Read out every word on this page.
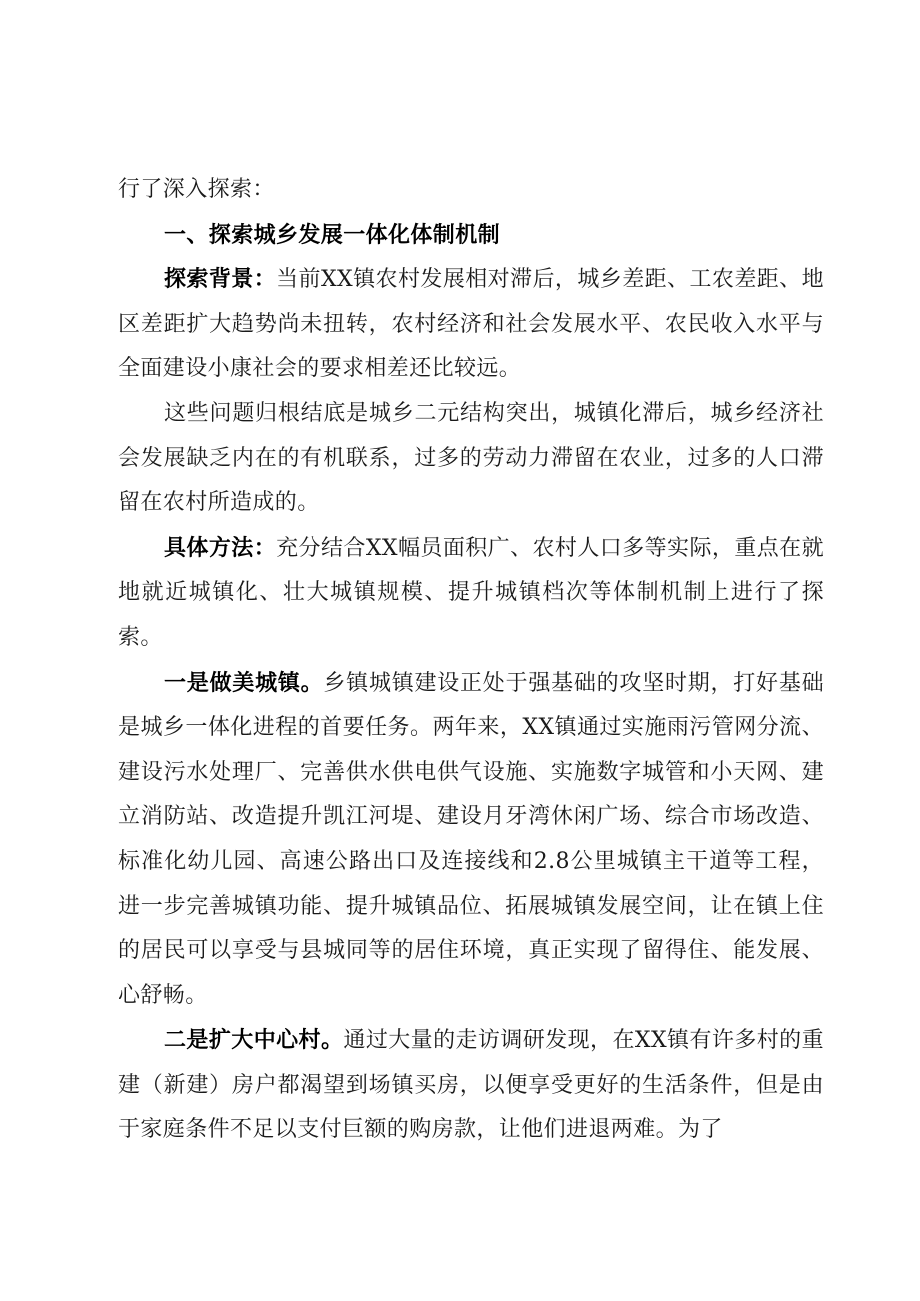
行了深入探索：

一、探索城乡发展一体化体制机制

探索背景：当前XX镇农村发展相对滞后，城乡差距、工农差距、地区差距扩大趋势尚未扭转，农村经济和社会发展水平、农民收入水平与全面建设小康社会的要求相差还比较远。

这些问题归根结底是城乡二元结构突出，城镇化滞后，城乡经济社会发展缺乏内在的有机联系，过多的劳动力滞留在农业，过多的人口滞留在农村所造成的。

具体方法：充分结合XX幅员面积广、农村人口多等实际，重点在就地就近城镇化、壮大城镇规模、提升城镇档次等体制机制上进行了探索。

一是做美城镇。乡镇城镇建设正处于强基础的攻坚时期，打好基础是城乡一体化进程的首要任务。两年来，XX镇通过实施雨污管网分流、建设污水处理厂、完善供水供电供气设施、实施数字城管和小天网、建立消防站、改造提升凯江河堤、建设月牙湾休闲广场、综合市场改造、标准化幼儿园、高速公路出口及连接线和2.8公里城镇主干道等工程，进一步完善城镇功能、提升城镇品位、拓展城镇发展空间，让在镇上住的居民可以享受与县城同等的居住环境，真正实现了留得住、能发展、心舒畅。

二是扩大中心村。通过大量的走访调研发现，在XX镇有许多村的重建（新建）房户都渴望到场镇买房，以便享受更好的生活条件，但是由于家庭条件不足以支付巨额的购房款，让他们进退两难。为了
